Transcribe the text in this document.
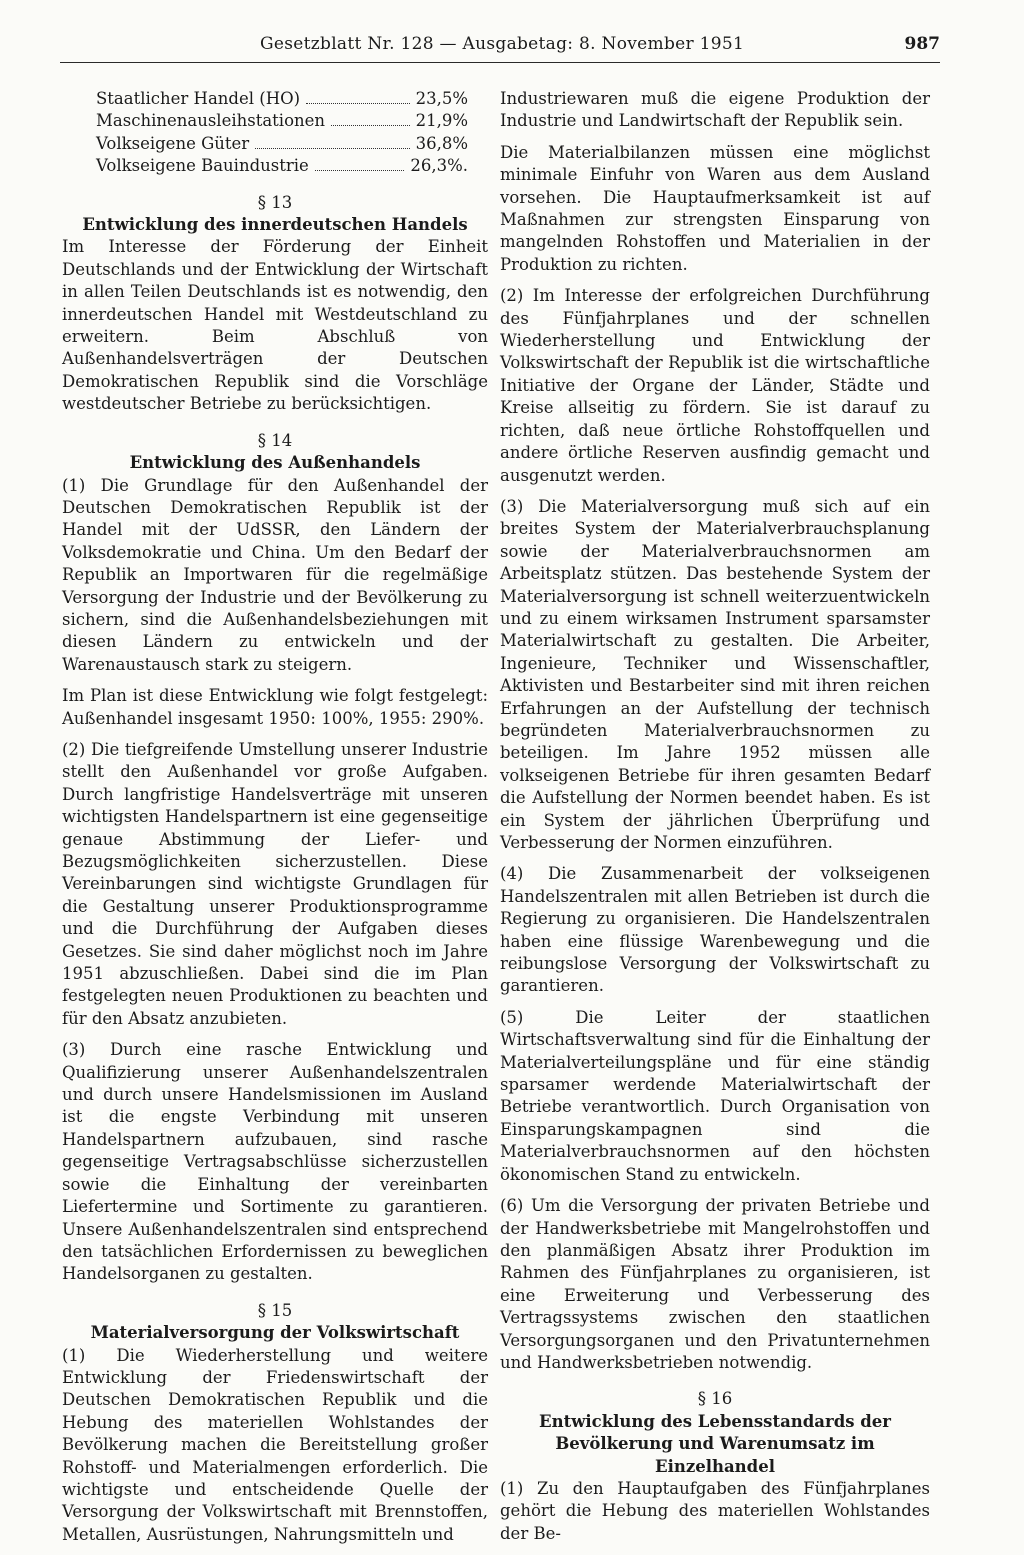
Gesetzblatt Nr. 128 — Ausgabetag: 8. November 1951	987
Staatlicher Handel (HO)	23,5%
Maschinenausleihstationen	21,9%
Volkseigene Güter	36,8%
Volkseigene Bauindustrie	26,3%.
§ 13
Entwicklung des innerdeutschen Handels

Im Interesse der Förderung der Einheit Deutschlands und der Entwicklung der Wirtschaft in allen Teilen Deutschlands ist es notwendig, den innerdeutschen Handel mit Westdeutschland zu erweitern. Beim Abschluß von Außenhandelsverträgen der Deutschen Demokratischen Republik sind die Vorschläge westdeutscher Betriebe zu berücksichtigen.

§ 14
Entwicklung des Außenhandels

(1) Die Grundlage für den Außenhandel der Deutschen Demokratischen Republik ist der Handel mit der UdSSR, den Ländern der Volksdemokratie und China. Um den Bedarf der Republik an Importwaren für die regelmäßige Versorgung der Industrie und der Bevölkerung zu sichern, sind die Außenhandelsbeziehungen mit diesen Ländern zu entwickeln und der Warenaustausch stark zu steigern.

Im Plan ist diese Entwicklung wie folgt festgelegt: Außenhandel insgesamt 1950: 100%, 1955: 290%.

(2) Die tiefgreifende Umstellung unserer Industrie stellt den Außenhandel vor große Aufgaben. Durch langfristige Handelsverträge mit unseren wichtigsten Handelspartnern ist eine gegenseitige genaue Abstimmung der Liefer- und Bezugsmöglichkeiten sicherzustellen. Diese Vereinbarungen sind wichtigste Grundlagen für die Gestaltung unserer Produktionsprogramme und die Durchführung der Aufgaben dieses Gesetzes. Sie sind daher möglichst noch im Jahre 1951 abzuschließen. Dabei sind die im Plan festgelegten neuen Produktionen zu beachten und für den Absatz anzubieten.

(3) Durch eine rasche Entwicklung und Qualifizierung unserer Außenhandelszentralen und durch unsere Handelsmissionen im Ausland ist die engste Verbindung mit unseren Handelspartnern aufzubauen, sind rasche gegenseitige Vertragsabschlüsse sicherzustellen sowie die Einhaltung der vereinbarten Liefertermine und Sortimente zu garantieren. Unsere Außenhandelszentralen sind entsprechend den tatsächlichen Erfordernissen zu beweglichen Handelsorganen zu gestalten.

§ 15
Materialversorgung der Volkswirtschaft

(1) Die Wiederherstellung und weitere Entwicklung der Friedenswirtschaft der Deutschen Demokratischen Republik und die Hebung des materiellen Wohlstandes der Bevölkerung machen die Bereitstellung großer Rohstoff- und Materialmengen erforderlich. Die wichtigste und entscheidende Quelle der Versorgung der Volkswirtschaft mit Brennstoffen, Metallen, Ausrüstungen, Nahrungsmitteln und

Industriewaren muß die eigene Produktion der Industrie und Landwirtschaft der Republik sein.

Die Materialbilanzen müssen eine möglichst minimale Einfuhr von Waren aus dem Ausland vorsehen. Die Hauptaufmerksamkeit ist auf Maßnahmen zur strengsten Einsparung von mangelnden Rohstoffen und Materialien in der Produktion zu richten.

(2) Im Interesse der erfolgreichen Durchführung des Fünfjahrplanes und der schnellen Wiederherstellung und Entwicklung der Volkswirtschaft der Republik ist die wirtschaftliche Initiative der Organe der Länder, Städte und Kreise allseitig zu fördern. Sie ist darauf zu richten, daß neue örtliche Rohstoffquellen und andere örtliche Reserven ausfindig gemacht und ausgenutzt werden.

(3) Die Materialversorgung muß sich auf ein breites System der Materialverbrauchsplanung sowie der Materialverbrauchsnormen am Arbeitsplatz stützen. Das bestehende System der Materialversorgung ist schnell weiterzuentwickeln und zu einem wirksamen Instrument sparsamster Materialwirtschaft zu gestalten. Die Arbeiter, Ingenieure, Techniker und Wissenschaftler, Aktivisten und Bestarbeiter sind mit ihren reichen Erfahrungen an der Aufstellung der technisch begründeten Materialverbrauchsnormen zu beteiligen. Im Jahre 1952 müssen alle volkseigenen Betriebe für ihren gesamten Bedarf die Aufstellung der Normen beendet haben. Es ist ein System der jährlichen Überprüfung und Verbesserung der Normen einzuführen.

(4) Die Zusammenarbeit der volkseigenen Handelszentralen mit allen Betrieben ist durch die Regierung zu organisieren. Die Handelszentralen haben eine flüssige Warenbewegung und die reibungslose Versorgung der Volkswirtschaft zu garantieren.

(5) Die Leiter der staatlichen Wirtschaftsverwaltung sind für die Einhaltung der Materialverteilungspläne und für eine ständig sparsamer werdende Materialwirtschaft der Betriebe verantwortlich. Durch Organisation von Einsparungskampagnen sind die Materialverbrauchsnormen auf den höchsten ökonomischen Stand zu entwickeln.

(6) Um die Versorgung der privaten Betriebe und der Handwerksbetriebe mit Mangelrohstoffen und den planmäßigen Absatz ihrer Produktion im Rahmen des Fünfjahrplanes zu organisieren, ist eine Erweiterung und Verbesserung des Vertragssystems zwischen den staatlichen Versorgungsorganen und den Privatunternehmen und Handwerksbetrieben notwendig.

§ 16
Entwicklung des Lebensstandards der Bevölkerung und Warenumsatz im Einzelhandel

(1) Zu den Hauptaufgaben des Fünfjahrplanes gehört die Hebung des materiellen Wohlstandes der Be-
